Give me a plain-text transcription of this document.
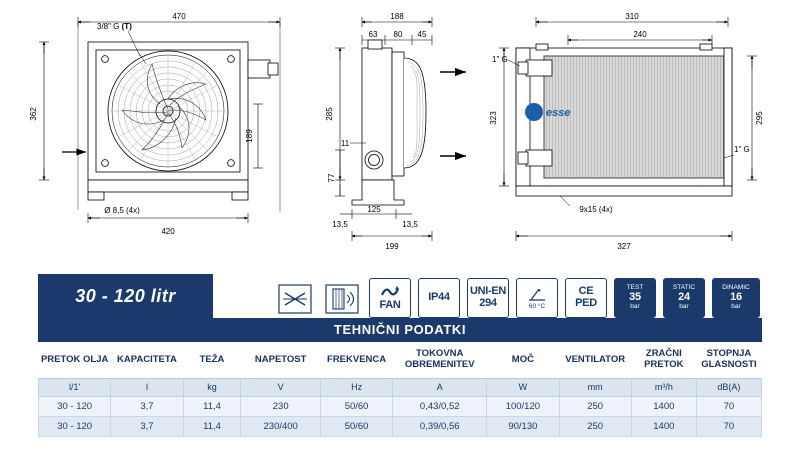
470
362
3/8" G (T)
189
420
Ø 8,5 (4x)
188
63 80 45
285
11
77
13,5
125
13,5
199
310
240
323	295
1" G
1" G
esse
9x15 (4x)
327
30 - 120 litr	FAN
IP44 UNI-EN
294	60 °C
CE
PED
TEST
35
bar
STATIC
24
bar
DINAMIC
16
bar
TEHNIČNI PODATKI
PRETOK OLJA	KAPACITETA	TEŽA	NAPETOST	FREKVENCA	TOKOVNA OBREMENITEV	MOČ	VENTILATOR	ZRAČNI PRETOK	STOPNJA GLASNOSTI
l/1'	l	kg	V	Hz	A	W	mm	m³/h	dB(A)
30 - 120	3,7	11,4	230	50/60	0,43/0,52	100/120	250	1400	70
30 - 120	3,7	11,4	230/400	50/60	0,39/0,56	90/130	250	1400	70
